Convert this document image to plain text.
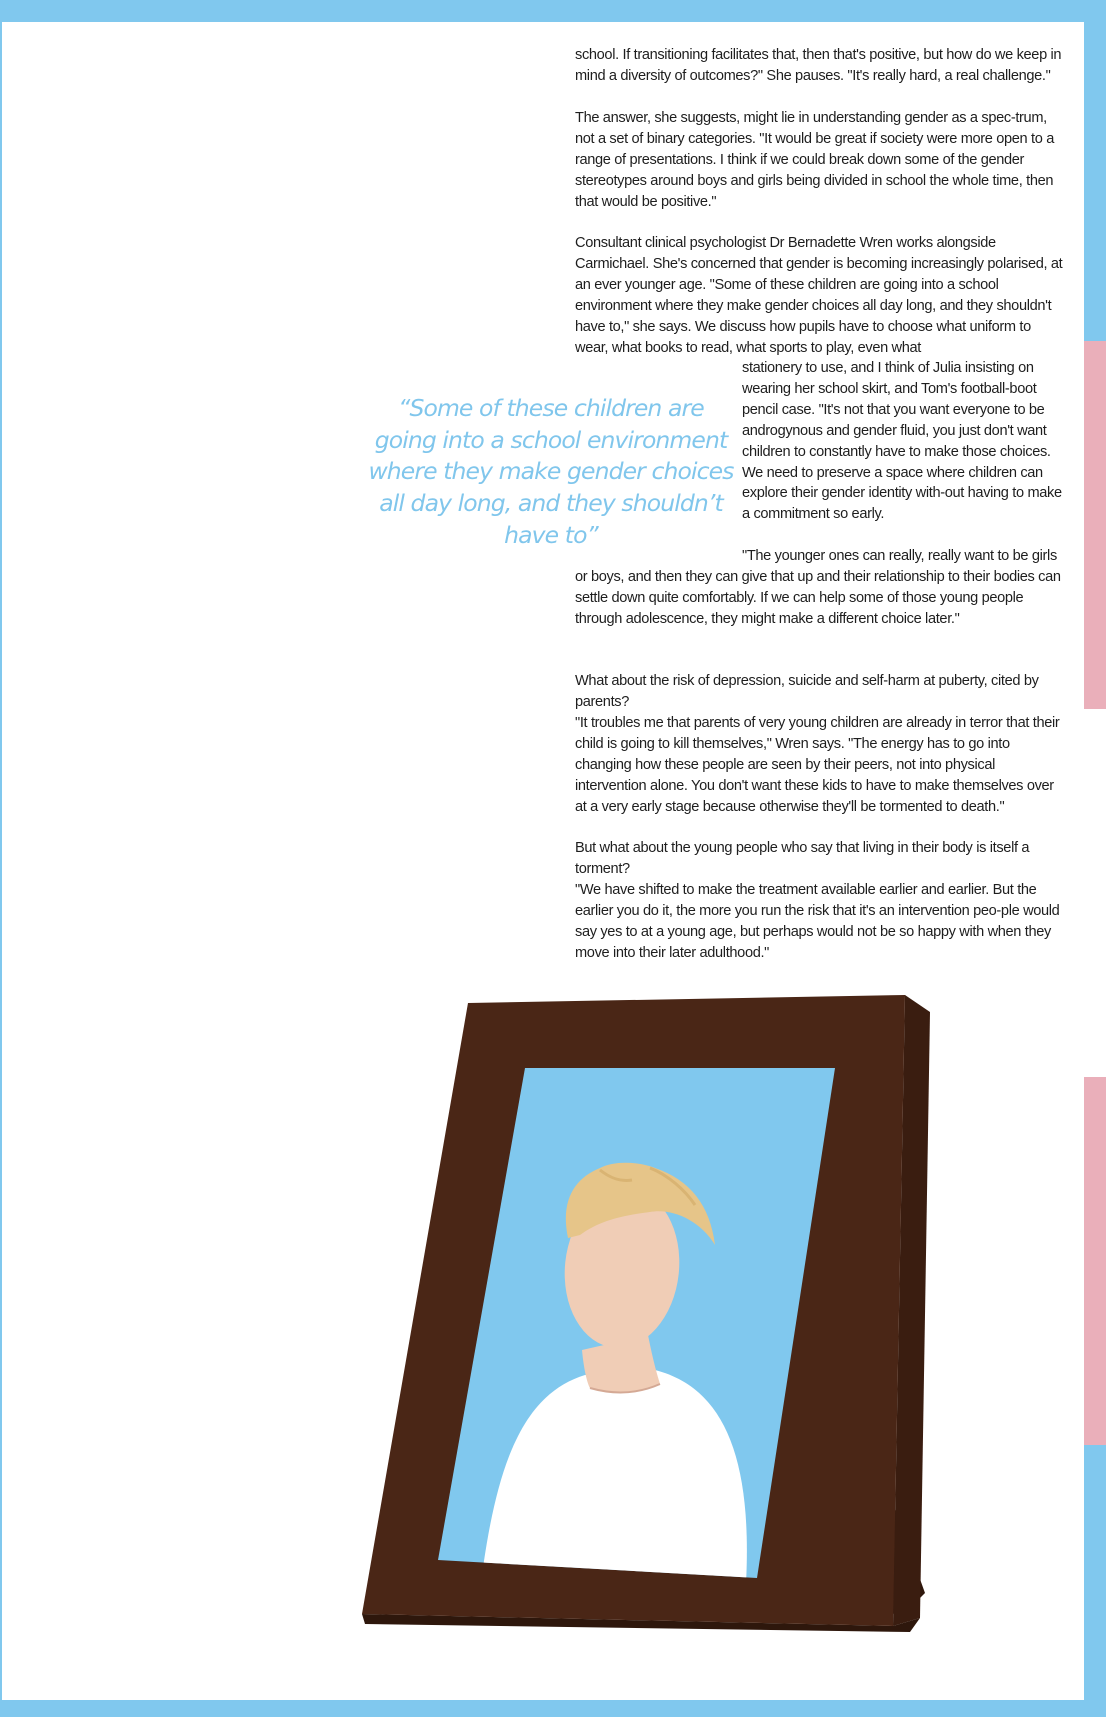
school. If transitioning facilitates that, then that's positive, but how do we keep in mind a diversity of outcomes?" She pauses. "It's really hard, a real challenge."

The answer, she suggests, might lie in understanding gender as a spec-trum, not a set of binary categories. "It would be great if society were more open to a range of presentations. I think if we could break down some of the gender stereotypes around boys and girls being divided in school the whole time, then that would be positive."

Consultant clinical psychologist Dr Bernadette Wren works alongside Carmichael. She's concerned that gender is becoming increasingly polarised, at an ever younger age. "Some of these children are going into a school environment where they make gender choices all day long, and they shouldn't have to," she says. We discuss how pupils have to choose what uniform to wear, what books to read, what sports to play, even what

stationery to use, and I think of Julia insisting on wearing her school skirt, and Tom's football-boot pencil case. "It's not that you want everyone to be androgynous and gender fluid, you just don't want children to constantly have to make those choices. We need to preserve a space where children can explore their gender identity with-out having to make a commitment so early.

"The younger ones can really, really want to be girls or boys, and then they can give that up and their relationship to their bodies can settle down quite comfortably. If we can help some of those young people through adolescence, they might make a different choice later."

What about the risk of depression, suicide and self-harm at puberty, cited by parents?

"It troubles me that parents of very young children are already in terror that their child is going to kill themselves," Wren says. "The energy has to go into changing how these people are seen by their peers, not into physical intervention alone. You don't want these kids to have to make themselves over at a very early stage because otherwise they'll be tormented to death."

But what about the young people who say that living in their body is itself a torment?

"We have shifted to make the treatment available earlier and earlier. But the earlier you do it, the more you run the risk that it's an intervention peo-ple would say yes to at a young age, but perhaps would not be so happy with when they move into their later adulthood."

“Some of these children are going into a school environment where they make gender choices all day long, and they shouldn’t have to”
